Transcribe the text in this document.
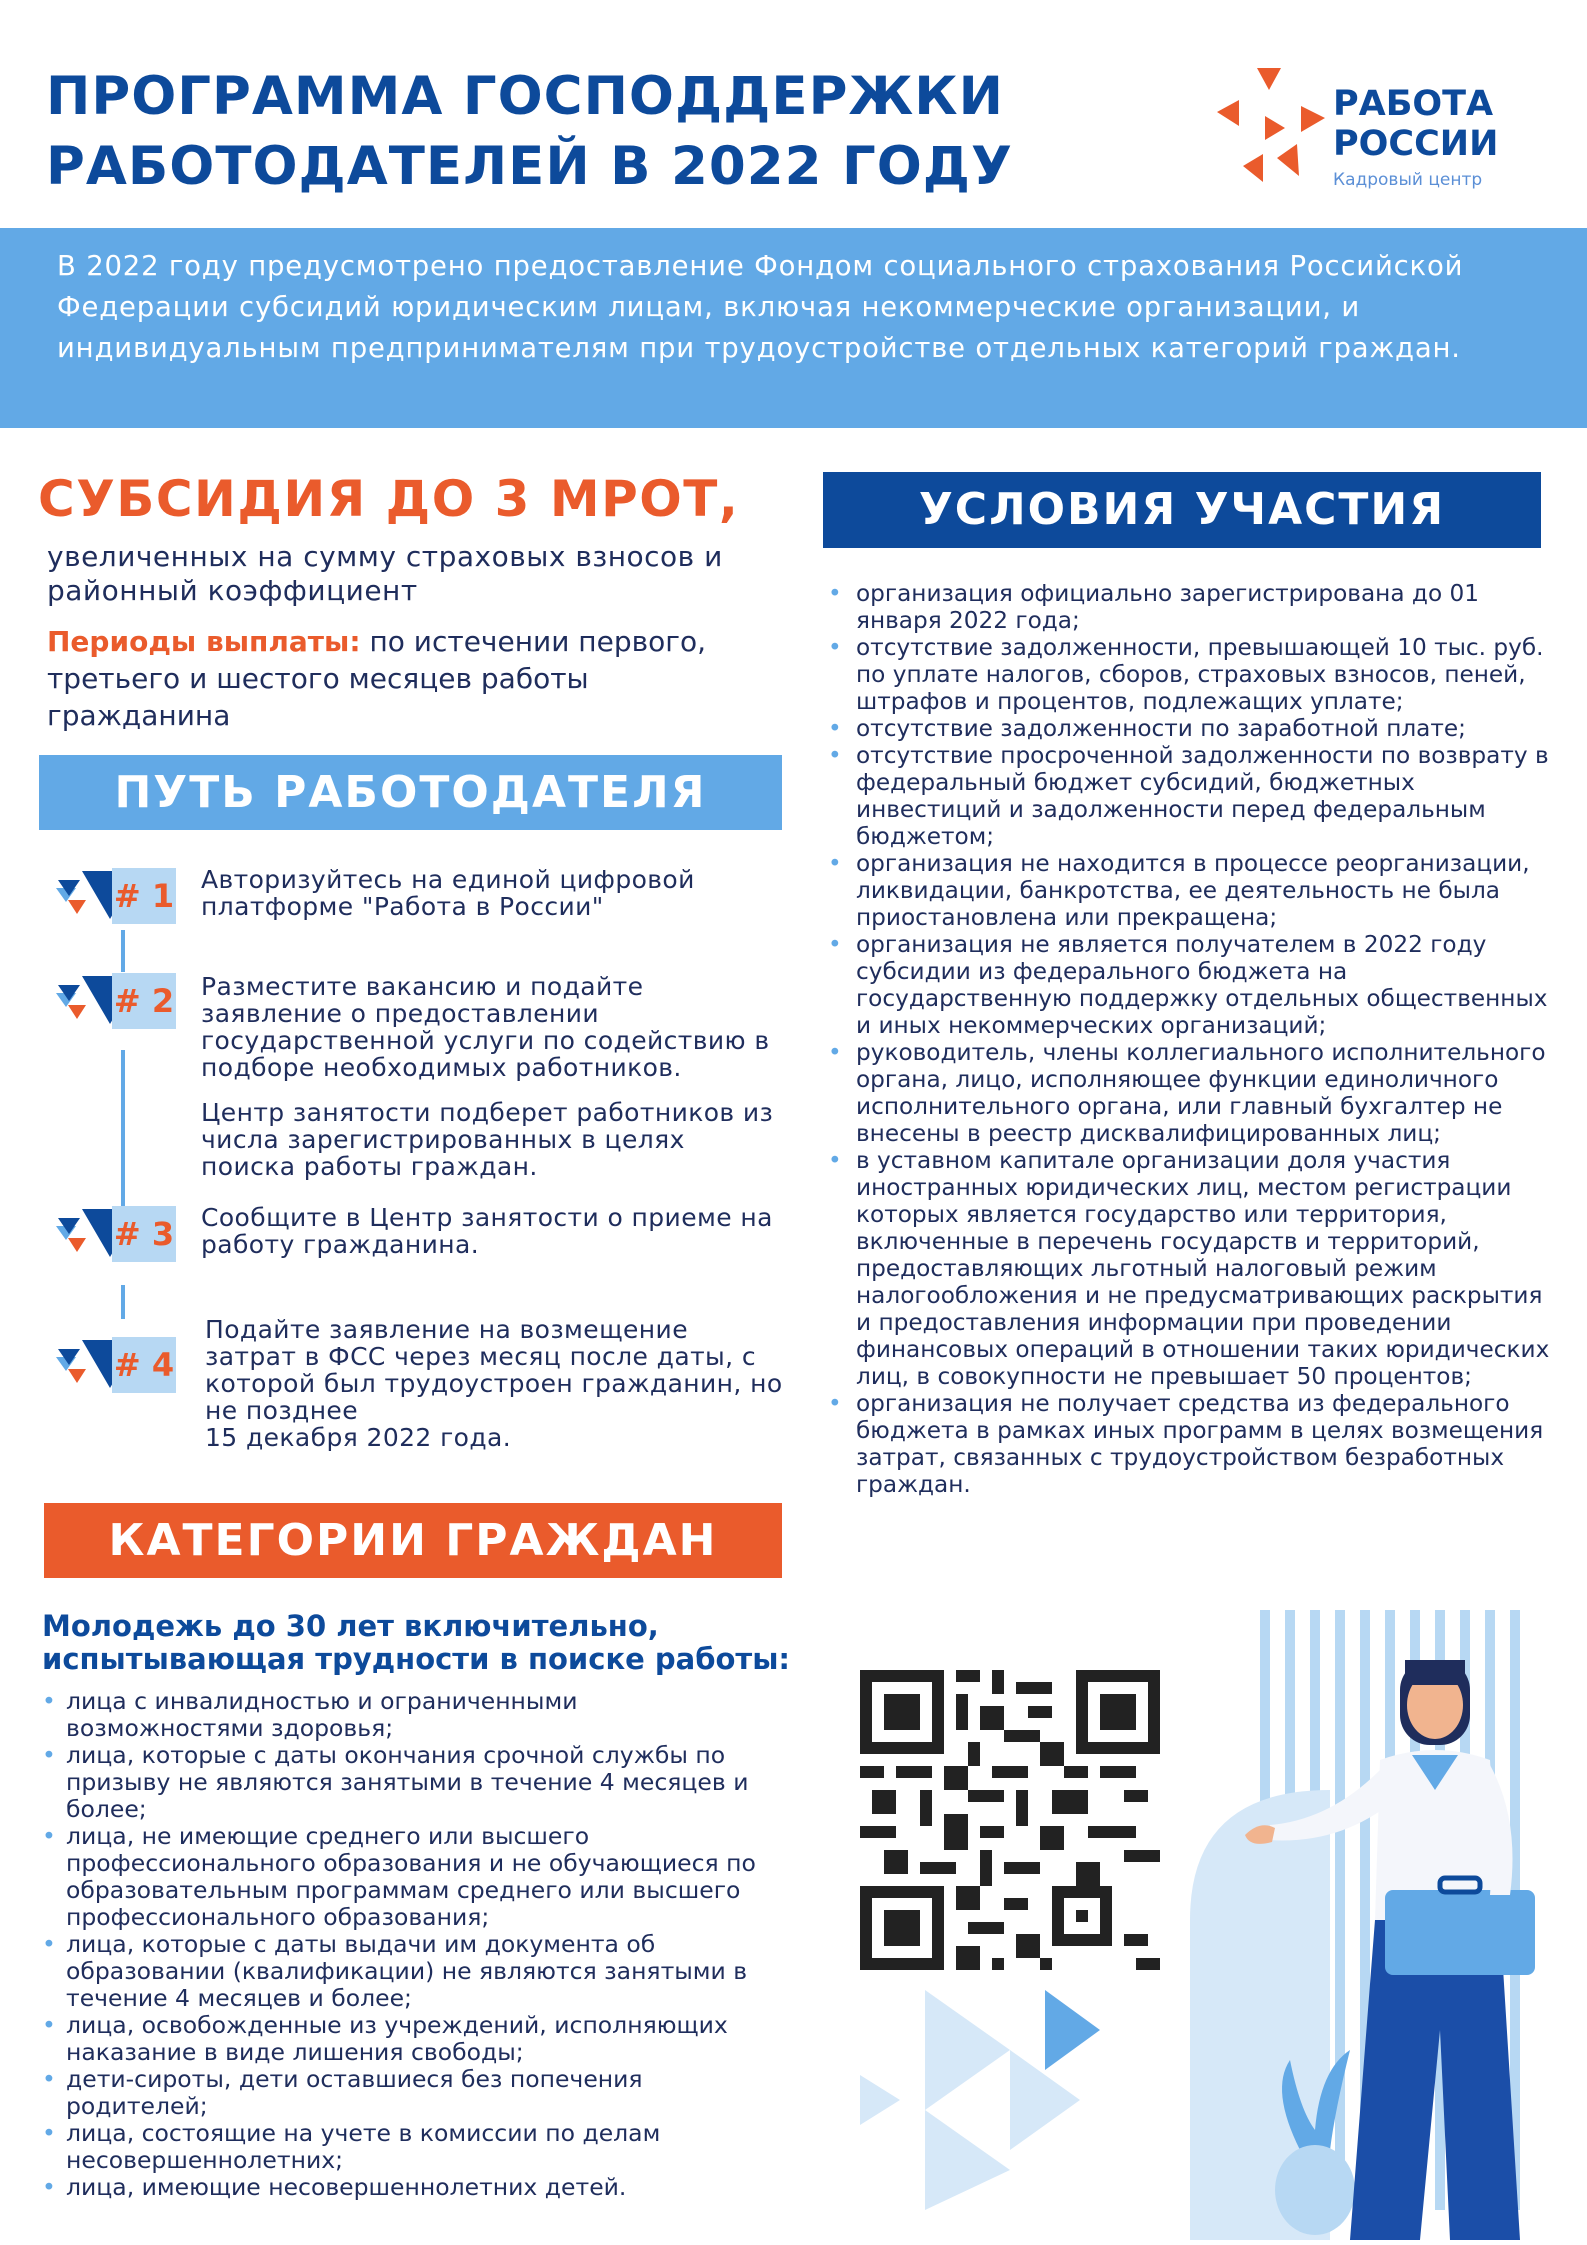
ПРОГРАММА ГОСПОДДЕРЖКИ
РАБОТОДАТЕЛЕЙ В 2022 ГОДУ
РАБОТА
РОССИИ
Кадровый центр
В 2022 году предусмотрено предоставление Фондом социального страхования Российской Федерации субсидий юридическим лицам, включая некоммерческие организации, и индивидуальным предпринимателям при трудоустройстве отдельных категорий граждан.
СУБСИДИЯ ДО 3 МРОТ,
увеличенных на сумму страховых взносов и районный коэффициент
Периоды выплаты: по истечении первого, третьего и шестого месяцев работы гражданина
ПУТЬ РАБОТОДАТЕЛЯ
# 1 Авторизуйтесь на единой цифровой платформе "Работа в России"
# 2 Разместите вакансию и подайте заявление о предоставлении государственной услуги по содействию в подборе необходимых работников.
Центр занятости подберет работников из числа зарегистрированных в целях поиска работы граждан.
# 3 Сообщите в Центр занятости о приеме на работу гражданина.
# 4
Подайте заявление на возмещение затрат в ФСС через месяц после даты, с которой был трудоустроен гражданин, но не позднее
15 декабря 2022 года.
КАТЕГОРИИ ГРАЖДАН
Молодежь до 30 лет включительно, испытывающая трудности в поиске работы:
• лица с инвалидностью и ограниченными возможностями здоровья;
• лица, которые с даты окончания срочной службы по призыву не являются занятыми в течение 4 месяцев и более;
• лица, не имеющие среднего или высшего профессионального образования и не обучающиеся по образовательным программам среднего или высшего профессионального образования;
• лица, которые с даты выдачи им документа об образовании (квалификации) не являются занятыми в течение 4 месяцев и более;
• лица, освобожденные из учреждений, исполняющих наказание в виде лишения свободы;
• дети-сироты, дети оставшиеся без попечения родителей;
• лица, состоящие на учете в комиссии по делам несовершеннолетних;
• лица, имеющие несовершеннолетних детей.
УСЛОВИЯ УЧАСТИЯ
• организация официально зарегистрирована до 01 января 2022 года;
• отсутствие задолженности, превышающей 10 тыс. руб. по уплате налогов, сборов, страховых взносов, пеней, штрафов и процентов, подлежащих уплате;
• отсутствие задолженности по заработной плате;
• отсутствие просроченной задолженности по возврату в федеральный бюджет субсидий, бюджетных инвестиций и задолженности перед федеральным бюджетом;
• организация не находится в процессе реорганизации, ликвидации, банкротства, ее деятельность не была приостановлена или прекращена;
• организация не является получателем в 2022 году субсидии из федерального бюджета на государственную поддержку отдельных общественных и иных некоммерческих организаций;
• руководитель, члены коллегиального исполнительного органа, лицо, исполняющее функции единоличного исполнительного органа, или главный бухгалтер не внесены в реестр дисквалифицированных лиц;
• в уставном капитале организации доля участия иностранных юридических лиц, местом регистрации которых является государство или территория, включенные в перечень государств и территорий, предоставляющих льготный налоговый режим налогообложения и не предусматривающих раскрытия и предоставления информации при проведении финансовых операций в отношении таких юридических лиц, в совокупности не превышает 50 процентов;
• организация не получает средства из федерального бюджета в рамках иных программ в целях возмещения затрат, связанных с трудоустройством безработных граждан.
